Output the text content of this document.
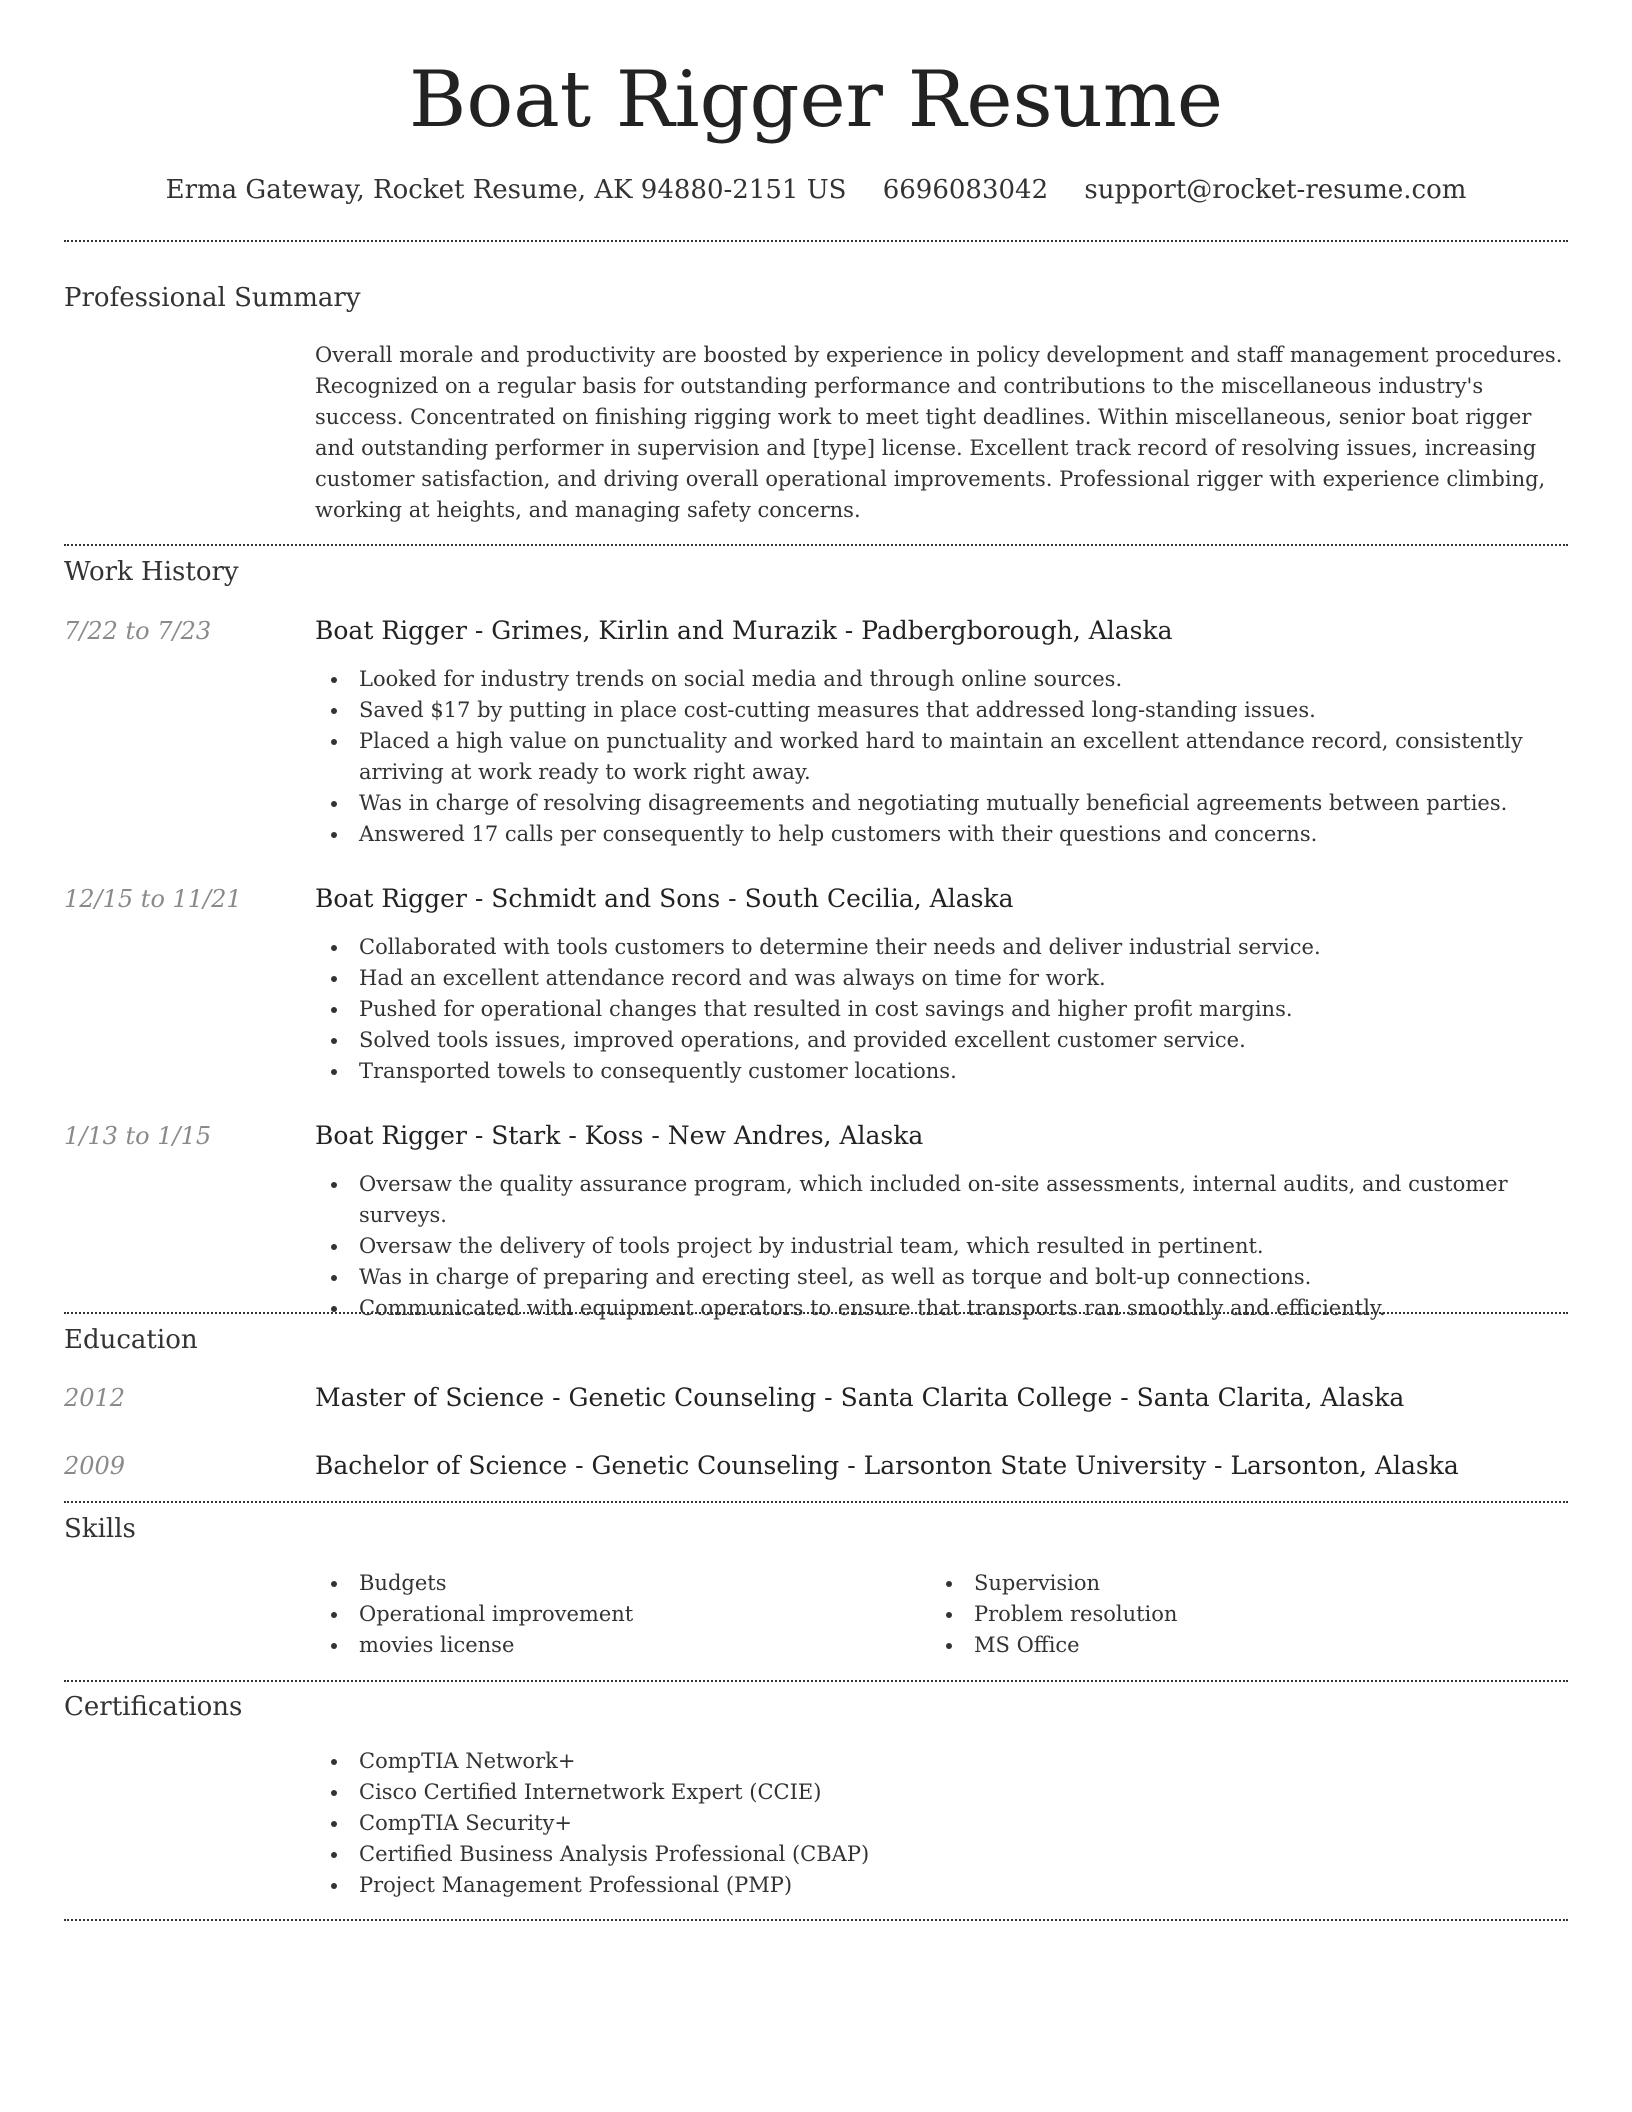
Boat Rigger Resume
Erma Gateway, Rocket Resume, AK 94880-2151 US 6696083042 support@rocket-resume.com
Professional Summary

Overall morale and productivity are boosted by experience in policy development and staff management procedures. Recognized on a regular basis for outstanding performance and contributions to the miscellaneous industry's success. Concentrated on finishing rigging work to meet tight deadlines. Within miscellaneous, senior boat rigger and outstanding performer in supervision and [type] license. Excellent track record of resolving issues, increasing customer satisfaction, and driving overall operational improvements. Professional rigger with experience climbing, working at heights, and managing safety concerns.

Work History
7/22 to 7/23	Boat Rigger - Grimes, Kirlin and Murazik - Padbergborough, Alaska
Looked for industry trends on social media and through online sources.
Saved $17 by putting in place cost-cutting measures that addressed long-standing issues.
Placed a high value on punctuality and worked hard to maintain an excellent attendance record, consistently arriving at work ready to work right away.
Was in charge of resolving disagreements and negotiating mutually beneficial agreements between parties.
Answered 17 calls per consequently to help customers with their questions and concerns.
12/15 to 11/21	Boat Rigger - Schmidt and Sons - South Cecilia, Alaska
Collaborated with tools customers to determine their needs and deliver industrial service.
Had an excellent attendance record and was always on time for work.
Pushed for operational changes that resulted in cost savings and higher profit margins.
Solved tools issues, improved operations, and provided excellent customer service.
Transported towels to consequently customer locations.
1/13 to 1/15	Boat Rigger - Stark - Koss - New Andres, Alaska
Oversaw the quality assurance program, which included on-site assessments, internal audits, and customer surveys.
Oversaw the delivery of tools project by industrial team, which resulted in pertinent.
Was in charge of preparing and erecting steel, as well as torque and bolt-up connections.
Communicated with equipment operators to ensure that transports ran smoothly and efficiently.
Education
2012	Master of Science - Genetic Counseling - Santa Clarita College - Santa Clarita, Alaska
2009	Bachelor of Science - Genetic Counseling - Larsonton State University - Larsonton, Alaska
Skills
Budgets
Operational improvement
movies license
Supervision
Problem resolution
MS Office
Certifications
CompTIA Network+
Cisco Certified Internetwork Expert (CCIE)
CompTIA Security+
Certified Business Analysis Professional (CBAP)
Project Management Professional (PMP)
